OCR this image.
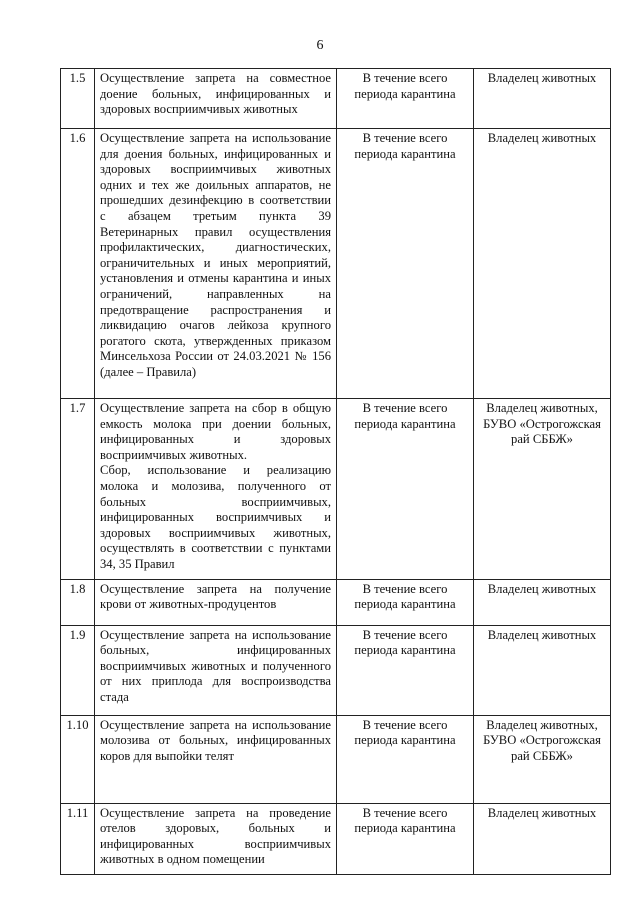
6
1.5	Осуществление запрета на совместное доение больных, инфицированных и здоровых восприимчивых животных	В течение всего периода карантина	Владелец животных
1.6	Осуществление запрета на использование для доения больных, инфицированных и здоровых восприимчивых животных одних и тех же доильных аппаратов, не прошедших дезинфекцию в соответствии с абзацем третьим пункта 39 Ветеринарных правил осуществления профилактических, диагностических, ограничительных и иных мероприятий, установления и отмены карантина и иных ограничений, направленных на предотвращение распространения и ликвидацию очагов лейкоза крупного рогатого скота, утвержденных приказом Минсельхоза России от 24.03.2021 № 156 (далее – Правила)	В течение всего периода карантина	Владелец животных
1.7	Осуществление запрета на сбор в общую емкость молока при доении больных, инфицированных и здоровых восприимчивых животных.
Сбор, использование и реализацию молока и молозива, полученного от больных восприимчивых, инфицированных восприимчивых и здоровых восприимчивых животных, осуществлять в соответствии с пунктами 34, 35 Правил	В течение всего периода карантина	Владелец животных, БУВО «Острогожская рай СББЖ»
1.8	Осуществление запрета на получение крови от животных-продуцентов	В течение всего периода карантина	Владелец животных
1.9	Осуществление запрета на использование больных, инфицированных восприимчивых животных и полученного от них приплода для воспроизводства стада	В течение всего периода карантина	Владелец животных
1.10	Осуществление запрета на использование молозива от больных, инфицированных коров для выпойки телят	В течение всего периода карантина	Владелец животных, БУВО «Острогожская рай СББЖ»
1.11	Осуществление запрета на проведение отелов здоровых, больных и инфицированных восприимчивых животных в одном помещении	В течение всего периода карантина	Владелец животных
